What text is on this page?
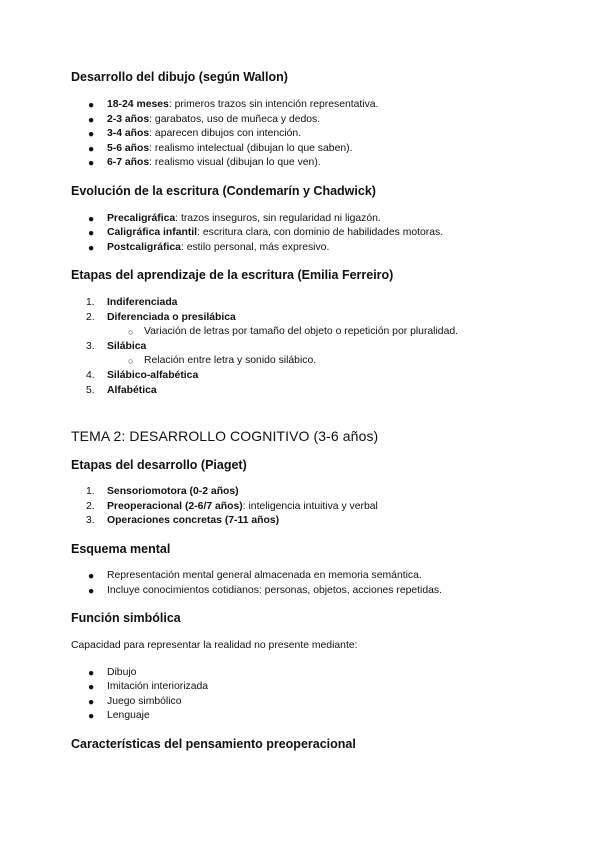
Desarrollo del dibujo (según Wallon)
● 18-24 meses: primeros trazos sin intención representativa.
● 2-3 años: garabatos, uso de muñeca y dedos.
● 3-4 años: aparecen dibujos con intención.
● 5-6 años: realismo intelectual (dibujan lo que saben).
● 6-7 años: realismo visual (dibujan lo que ven).
Evolución de la escritura (Condemarín y Chadwick)
● Precaligráfica: trazos inseguros, sin regularidad ni ligazón.
● Caligráfica infantil: escritura clara, con dominio de habilidades motoras.
● Postcaligráfica: estilo personal, más expresivo.
Etapas del aprendizaje de la escritura (Emilia Ferreiro)
1. Indiferenciada
2. Diferenciada o presilábica
○ Variación de letras por tamaño del objeto o repetición por pluralidad.
3. Silábica
○ Relación entre letra y sonido silábico.
4. Silábico-alfabética
5. Alfabética
TEMA 2: DESARROLLO COGNITIVO (3-6 años)
Etapas del desarrollo (Piaget)
1. Sensoriomotora (0-2 años)
2. Preoperacional (2-6/7 años): inteligencia intuitiva y verbal
3. Operaciones concretas (7-11 años)
Esquema mental
● Representación mental general almacenada en memoria semántica.
● Incluye conocimientos cotidianos: personas, objetos, acciones repetidas.
Función simbólica
Capacidad para representar la realidad no presente mediante:
● Dibujo
● Imitación interiorizada
● Juego simbólico
● Lenguaje
Características del pensamiento preoperacional
